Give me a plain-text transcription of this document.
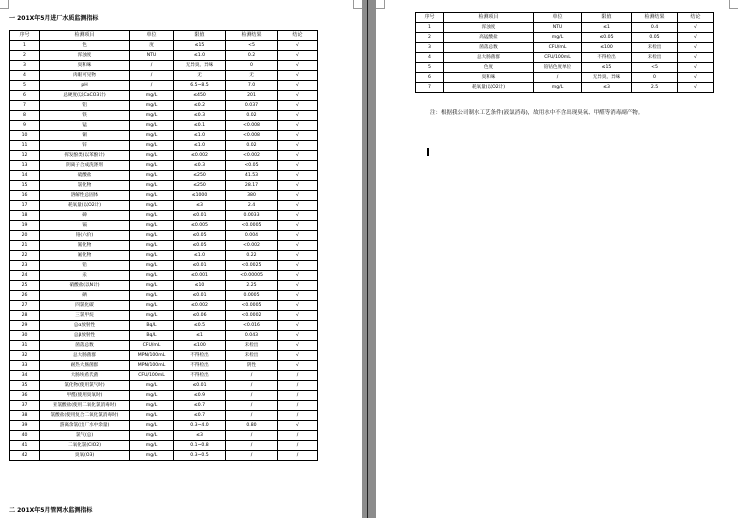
一 201X年5月进厂水质监测指标
序号	检测项目	单位	限值	检测结果	结论
1	色	度	≤15	<5	√
2	浑浊度	NTU	≤1.0	0.2	√
3	臭和味	/	无异臭、异味	0	√
4	肉眼可见物	/	无	无	√
5	pH	/	6.5~8.5	7.0	√
6	总硬度(以CaCO3计)	mg/L	≤450	201	√
7	铝	mg/L	≤0.2	0.037	√
8	铁	mg/L	≤0.3	0.02	√
9	锰	mg/L	≤0.1	<0.008	√
10	铜	mg/L	≤1.0	<0.008	√
11	锌	mg/L	≤1.0	0.02	√
12	挥发酚类(以苯酚计)	mg/L	≤0.002	<0.002	√
13	阴离子合成洗涤剂	mg/L	≤0.3	<0.05	√
14	硫酸盐	mg/L	≤250	41.53	√
15	氯化物	mg/L	≤250	28.17	√
16	溶解性总固体	mg/L	≤1000	380	√
17	耗氧量(以O2计)	mg/L	≤3	2.4	√
18	砷	mg/L	≤0.01	0.0033	√
19	镉	mg/L	≤0.005	<0.0005	√
20	铬(六价)	mg/L	≤0.05	0.004	√
21	氰化物	mg/L	≤0.05	<0.002	√
22	氟化物	mg/L	≤1.0	0.22	√
23	铅	mg/L	≤0.01	<0.0025	√
24	汞	mg/L	≤0.001	<0.00005	√
25	硝酸盐(以N计)	mg/L	≤10	2.25	√
26	硒	mg/L	≤0.01	0.0005	√
27	四氯化碳	mg/L	≤0.002	<0.0005	√
28	三氯甲烷	mg/L	≤0.06	<0.0002	√
29	总α放射性	Bq/L	≤0.5	<0.016	√
30	总β放射性	Bq/L	≤1	0.043	√
31	菌落总数	CFU/mL	≤100	未检出	√
32	总大肠菌群	MPN/100mL	不得检出	未检出	√
33	耐热大肠菌群	MPN/100mL	不得检出	阴性	√
34	大肠埃希氏菌	CFU/100mL	不得检出	/	/
35	氯化物(使用氯气时)	mg/L	≤0.01	/	/
36	甲醛(使用臭氧时)	mg/L	≤0.9	/	/
37	亚氯酸盐(使用二氧化氯消毒时)	mg/L	≤0.7	/	/
38	氯酸盐(使用复合二氧化氯消毒时)	mg/L	≤0.7	/	/
39	游离余氯(出厂水中余量)	mg/L	0.3~4.0	0.80	√
40	氯气(总)	mg/L	≤3	/	/
41	二氧化氯(ClO2)	mg/L	0.1~0.8	/	/
42	臭氧(O3)	mg/L	0.3~0.5	/	/
二 201X年5月管网水监测指标
序号	检测项目	单位	限值	检测结果	结论
1	浑浊度	NTU	≤1	0.4	√
2	高锰酸盐	mg/L	≤0.05	0.05	√
3	菌落总数	CFU/mL	≤100	未检出	√
4	总大肠菌群	CFU/100mL	不得检出	未检出	√
5	色度	铂钴色度单位	≤15	<5	√
6	臭和味	/	无异臭、异味	0	√
7	耗氧量(以O2计)	mg/L	≤3	2.5	√
注：根据我公司制水工艺条件(液氯消毒)，故用水中不含出现臭氧、甲醛等消毒副产物。
